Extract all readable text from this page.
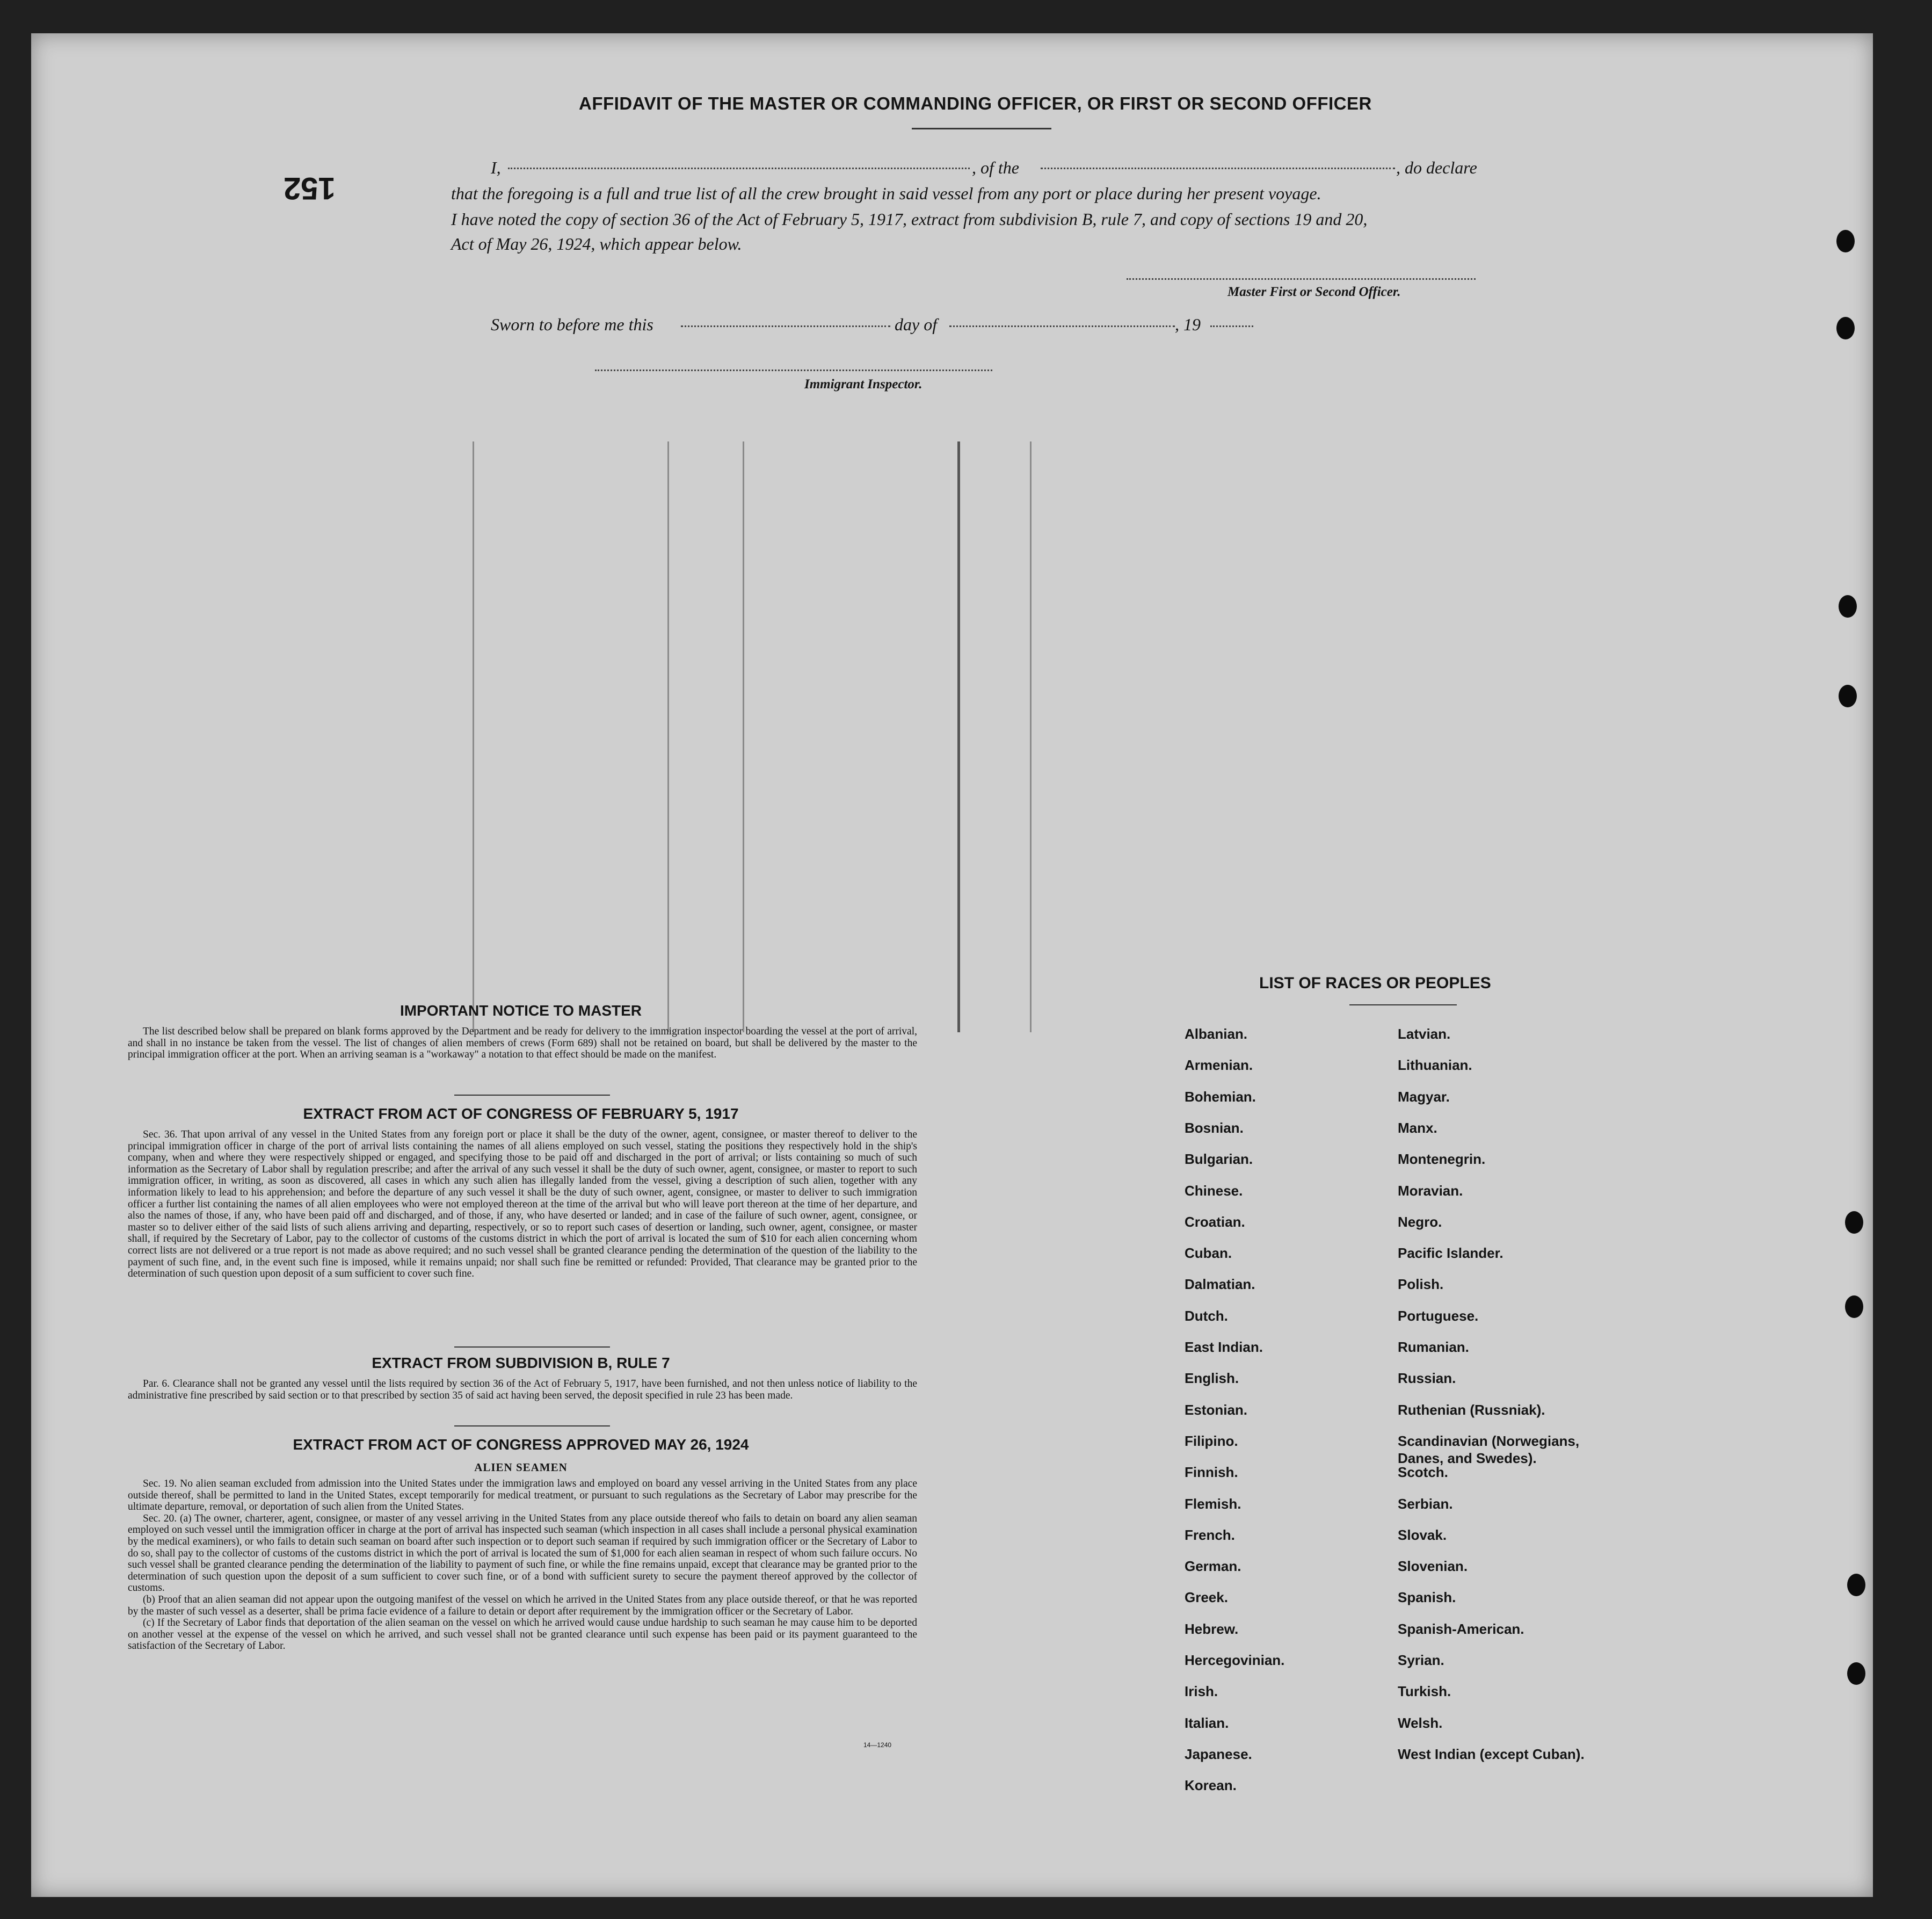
152
AFFIDAVIT OF THE MASTER OR COMMANDING OFFICER, OR FIRST OR SECOND OFFICER
I,	, of the	, do declare
that the foregoing is a full and true list of all the crew brought in said vessel from any port or place during her present voyage.
I have noted the copy of section 36 of the Act of February 5, 1917, extract from subdivision B, rule 7, and copy of sections 19 and 20,
Act of May 26, 1924, which appear below.
Master First or Second Officer.
Sworn to before me this	day of	, 19
Immigrant Inspector.
IMPORTANT NOTICE TO MASTER

The list described below shall be prepared on blank forms approved by the Department and be ready for delivery to the immigration inspector boarding the vessel at the port of arrival, and shall in no instance be taken from the vessel. The list of changes of alien members of crews (Form 689) shall not be retained on board, but shall be delivered by the master to the principal immigration officer at the port. When an arriving seaman is a "workaway" a notation to that effect should be made on the manifest.

EXTRACT FROM ACT OF CONGRESS OF FEBRUARY 5, 1917

Sec. 36. That upon arrival of any vessel in the United States from any foreign port or place it shall be the duty of the owner, agent, consignee, or master thereof to deliver to the principal immigration officer in charge of the port of arrival lists containing the names of all aliens employed on such vessel, stating the positions they respectively hold in the ship's company, when and where they were respectively shipped or engaged, and specifying those to be paid off and discharged in the port of arrival; or lists containing so much of such information as the Secretary of Labor shall by regulation prescribe; and after the arrival of any such vessel it shall be the duty of such owner, agent, consignee, or master to report to such immigration officer, in writing, as soon as discovered, all cases in which any such alien has illegally landed from the vessel, giving a description of such alien, together with any information likely to lead to his apprehension; and before the departure of any such vessel it shall be the duty of such owner, agent, consignee, or master to deliver to such immigration officer a further list containing the names of all alien employees who were not employed thereon at the time of the arrival but who will leave port thereon at the time of her departure, and also the names of those, if any, who have been paid off and discharged, and of those, if any, who have deserted or landed; and in case of the failure of such owner, agent, consignee, or master so to deliver either of the said lists of such aliens arriving and departing, respectively, or so to report such cases of desertion or landing, such owner, agent, consignee, or master shall, if required by the Secretary of Labor, pay to the collector of customs of the customs district in which the port of arrival is located the sum of $10 for each alien concerning whom correct lists are not delivered or a true report is not made as above required; and no such vessel shall be granted clearance pending the determination of the question of the liability to the payment of such fine, and, in the event such fine is imposed, while it remains unpaid; nor shall such fine be remitted or refunded: Provided, That clearance may be granted prior to the determination of such question upon deposit of a sum sufficient to cover such fine.

EXTRACT FROM SUBDIVISION B, RULE 7

Par. 6. Clearance shall not be granted any vessel until the lists required by section 36 of the Act of February 5, 1917, have been furnished, and not then unless notice of liability to the administrative fine prescribed by said section or to that prescribed by section 35 of said act having been served, the deposit specified in rule 23 has been made.

EXTRACT FROM ACT OF CONGRESS APPROVED MAY 26, 1924
ALIEN SEAMEN

Sec. 19. No alien seaman excluded from admission into the United States under the immigration laws and employed on board any vessel arriving in the United States from any place outside thereof, shall be permitted to land in the United States, except temporarily for medical treatment, or pursuant to such regulations as the Secretary of Labor may prescribe for the ultimate departure, removal, or deportation of such alien from the United States.

Sec. 20. (a) The owner, charterer, agent, consignee, or master of any vessel arriving in the United States from any place outside thereof who fails to detain on board any alien seaman employed on such vessel until the immigration officer in charge at the port of arrival has inspected such seaman (which inspection in all cases shall include a personal physical examination by the medical examiners), or who fails to detain such seaman on board after such inspection or to deport such seaman if required by such immigration officer or the Secretary of Labor to do so, shall pay to the collector of customs of the customs district in which the port of arrival is located the sum of $1,000 for each alien seaman in respect of whom such failure occurs. No such vessel shall be granted clearance pending the determination of the liability to payment of such fine, or while the fine remains unpaid, except that clearance may be granted prior to the determination of such question upon the deposit of a sum sufficient to cover such fine, or of a bond with sufficient surety to secure the payment thereof approved by the collector of customs.

(b) Proof that an alien seaman did not appear upon the outgoing manifest of the vessel on which he arrived in the United States from any place outside thereof, or that he was reported by the master of such vessel as a deserter, shall be prima facie evidence of a failure to detain or deport after requirement by the immigration officer or the Secretary of Labor.

(c) If the Secretary of Labor finds that deportation of the alien seaman on the vessel on which he arrived would cause undue hardship to such seaman he may cause him to be deported on another vessel at the expense of the vessel on which he arrived, and such vessel shall not be granted clearance until such expense has been paid or its payment guaranteed to the satisfaction of the Secretary of Labor.

14—1240
LIST OF RACES OR PEOPLES
Albanian.
Armenian.
Bohemian.
Bosnian.
Bulgarian.
Chinese.
Croatian.
Cuban.
Dalmatian.
Dutch.
East Indian.
English.
Estonian.
Filipino.
Finnish.
Flemish.
French.
German.
Greek.
Hebrew.
Hercegovinian.
Irish.
Italian.
Japanese.
Korean.
Latvian.
Lithuanian.
Magyar.
Manx.
Montenegrin.
Moravian.
Negro.
Pacific Islander.
Polish.
Portuguese.
Rumanian.
Russian.
Ruthenian (Russniak).
Scandinavian (Norwegians,
Danes, and Swedes).
Scotch.
Serbian.
Slovak.
Slovenian.
Spanish.
Spanish-American.
Syrian.
Turkish.
Welsh.
West Indian (except Cuban).
